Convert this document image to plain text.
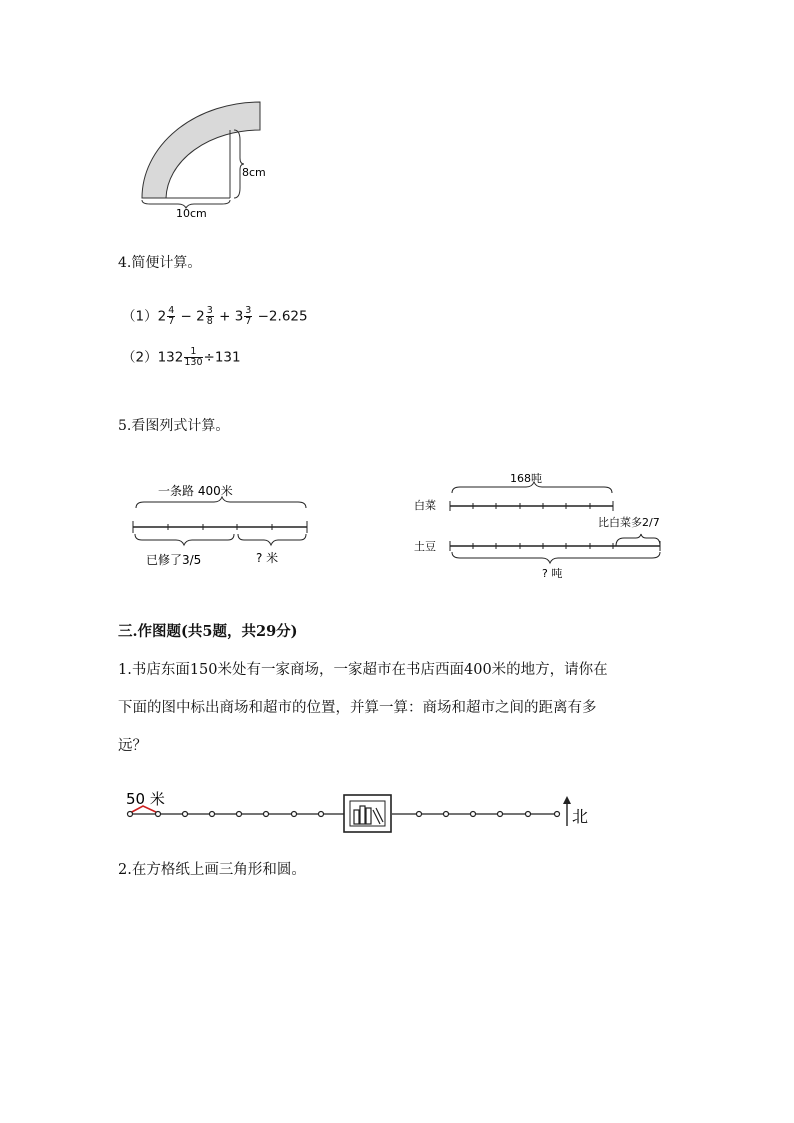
8cm
10cm
4.简便计算。
$(1)2 \frac{4}{7} - 2 \frac{3}{8} + 3 \frac{3}{7} -2.625$
$(2)132 \frac{1}{130} \div 131$
5.看图列式计算。
一条路 400米
已修了3/5	? 米
168吨
白菜
比白菜多2/7
土豆
? 吨
三.作图题(共5题，共29分)
1.书店东面150米处有一家商场，一家超市在书店西面400米的地方，请你在
下面的图中标出商场和超市的位置，并算一算：商场和超市之间的距离有多
远？
50 米
北
2.在方格纸上画三角形和圆。
